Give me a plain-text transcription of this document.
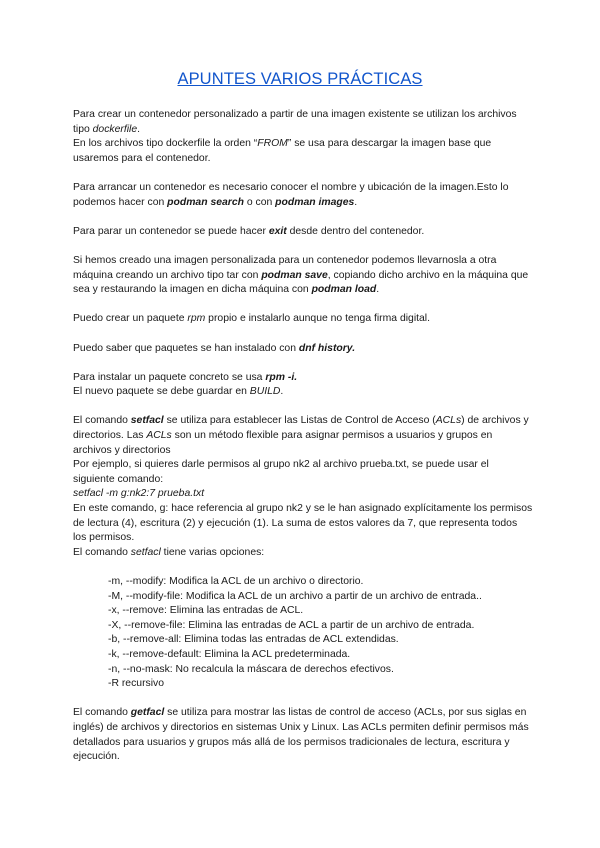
APUNTES VARIOS PRÁCTICAS

Para crear un contenedor personalizado a partir de una imagen existente se utilizan los archivos tipo dockerfile.
En los archivos tipo dockerfile la orden “FROM” se usa para descargar la imagen base que usaremos para el contenedor.

Para arrancar un contenedor es necesario conocer el nombre y ubicación de la imagen.Esto lo podemos hacer con podman search o con podman images.

Para parar un contenedor se puede hacer exit desde dentro del contenedor.

Si hemos creado una imagen personalizada para un contenedor podemos llevarnosla a otra máquina creando un archivo tipo tar con podman save, copiando dicho archivo en la máquina que sea y restaurando la imagen en dicha máquina con podman load.

Puedo crear un paquete rpm propio e instalarlo aunque no tenga firma digital.

Puedo saber que paquetes se han instalado con dnf history.

Para instalar un paquete concreto se usa rpm -i.
El nuevo paquete se debe guardar en BUILD.

El comando setfacl se utiliza para establecer las Listas de Control de Acceso (ACLs) de archivos y directorios. Las ACLs son un método flexible para asignar permisos a usuarios y grupos en archivos y directorios
Por ejemplo, si quieres darle permisos al grupo nk2 al archivo prueba.txt, se puede usar el siguiente comando:
setfacl -m g:nk2:7 prueba.txt
En este comando, g: hace referencia al grupo nk2 y se le han asignado explícitamente los permisos de lectura (4), escritura (2) y ejecución (1). La suma de estos valores da 7, que representa todos los permisos.
El comando setfacl tiene varias opciones:

-m, --modify: Modifica la ACL de un archivo o directorio.
-M, --modify-file: Modifica la ACL de un archivo a partir de un archivo de entrada..
-x, --remove: Elimina las entradas de ACL.
-X, --remove-file: Elimina las entradas de ACL a partir de un archivo de entrada.
-b, --remove-all: Elimina todas las entradas de ACL extendidas.
-k, --remove-default: Elimina la ACL predeterminada.
-n, --no-mask: No recalcula la máscara de derechos efectivos.
-R recursivo

El comando getfacl se utiliza para mostrar las listas de control de acceso (ACLs, por sus siglas en inglés) de archivos y directorios en sistemas Unix y Linux. Las ACLs permiten definir permisos más detallados para usuarios y grupos más allá de los permisos tradicionales de lectura, escritura y ejecución.
